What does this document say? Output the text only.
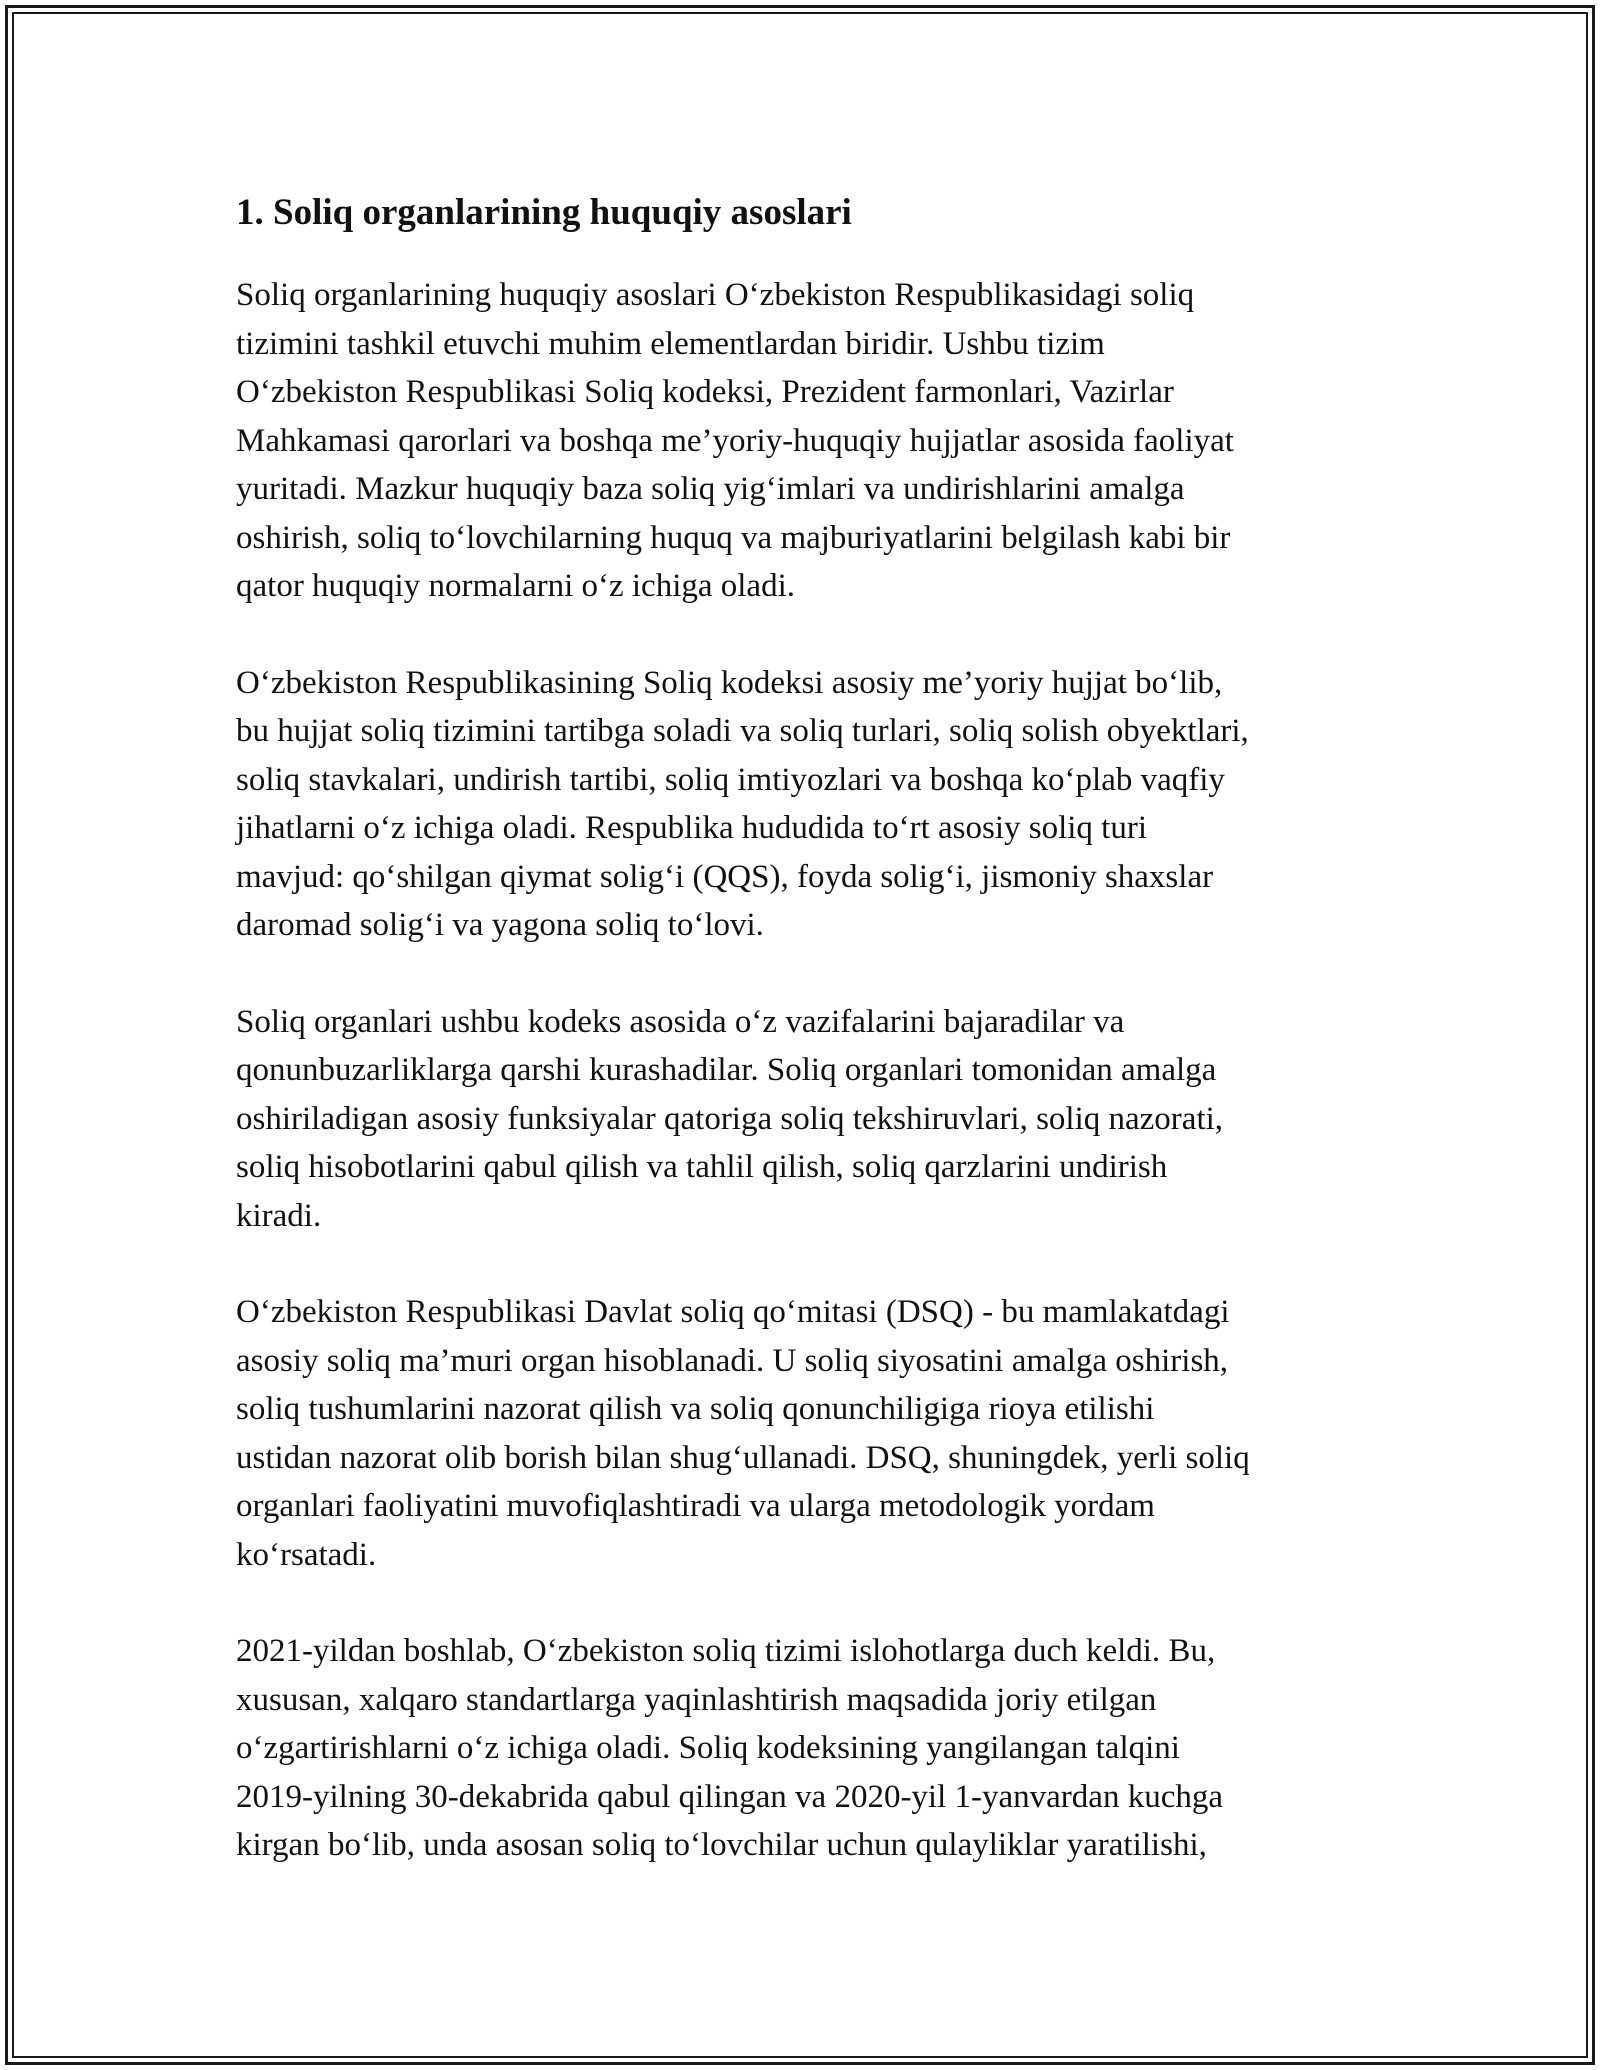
1. Soliq organlarining huquqiy asoslari

Soliq organlarining huquqiy asoslari O‘zbekiston Respublikasidagi soliq
tizimini tashkil etuvchi muhim elementlardan biridir. Ushbu tizim
O‘zbekiston Respublikasi Soliq kodeksi, Prezident farmonlari, Vazirlar
Mahkamasi qarorlari va boshqa me’yoriy-huquqiy hujjatlar asosida faoliyat
yuritadi. Mazkur huquqiy baza soliq yig‘imlari va undirishlarini amalga
oshirish, soliq to‘lovchilarning huquq va majburiyatlarini belgilash kabi bir
qator huquqiy normalarni o‘z ichiga oladi.

O‘zbekiston Respublikasining Soliq kodeksi asosiy me’yoriy hujjat bo‘lib,
bu hujjat soliq tizimini tartibga soladi va soliq turlari, soliq solish obyektlari,
soliq stavkalari, undirish tartibi, soliq imtiyozlari va boshqa ko‘plab vaqfiy
jihatlarni o‘z ichiga oladi. Respublika hududida to‘rt asosiy soliq turi
mavjud: qo‘shilgan qiymat solig‘i (QQS), foyda solig‘i, jismoniy shaxslar
daromad solig‘i va yagona soliq to‘lovi.

Soliq organlari ushbu kodeks asosida o‘z vazifalarini bajaradilar va
qonunbuzarliklarga qarshi kurashadilar. Soliq organlari tomonidan amalga
oshiriladigan asosiy funksiyalar qatoriga soliq tekshiruvlari, soliq nazorati,
soliq hisobotlarini qabul qilish va tahlil qilish, soliq qarzlarini undirish
kiradi.

O‘zbekiston Respublikasi Davlat soliq qo‘mitasi (DSQ) - bu mamlakatdagi
asosiy soliq ma’muri organ hisoblanadi. U soliq siyosatini amalga oshirish,
soliq tushumlarini nazorat qilish va soliq qonunchiligiga rioya etilishi
ustidan nazorat olib borish bilan shug‘ullanadi. DSQ, shuningdek, yerli soliq
organlari faoliyatini muvofiqlashtiradi va ularga metodologik yordam
ko‘rsatadi.

2021-yildan boshlab, O‘zbekiston soliq tizimi islohotlarga duch keldi. Bu,
xususan, xalqaro standartlarga yaqinlashtirish maqsadida joriy etilgan
o‘zgartirishlarni o‘z ichiga oladi. Soliq kodeksining yangilangan talqini
2019-yilning 30-dekabrida qabul qilingan va 2020-yil 1-yanvardan kuchga
kirgan bo‘lib, unda asosan soliq to‘lovchilar uchun qulayliklar yaratilishi,
